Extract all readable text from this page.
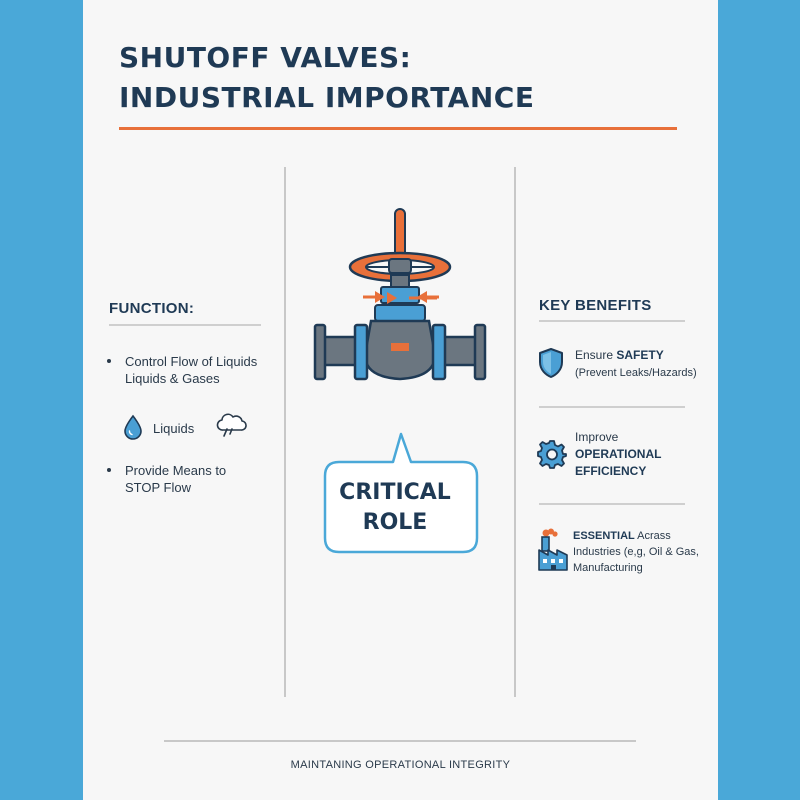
SHUTOFF VALVES:
INDUSTRIAL IMPORTANCE
FUNCTION:
Control Flow of Liquids
Liquids & Gases
Liquids
Provide Means to
STOP Flow	CRITICAL
ROLE

KEY BENEFITS
Ensure SAFETY
(Prevent Leaks/Hazards)
Improve
OPERATIONAL
EFFICIENCY
ESSENTIAL Acrass
Industries (e,g, Oil & Gas,
Manufacturing
MAINTANING OPERATIONAL INTEGRITY
